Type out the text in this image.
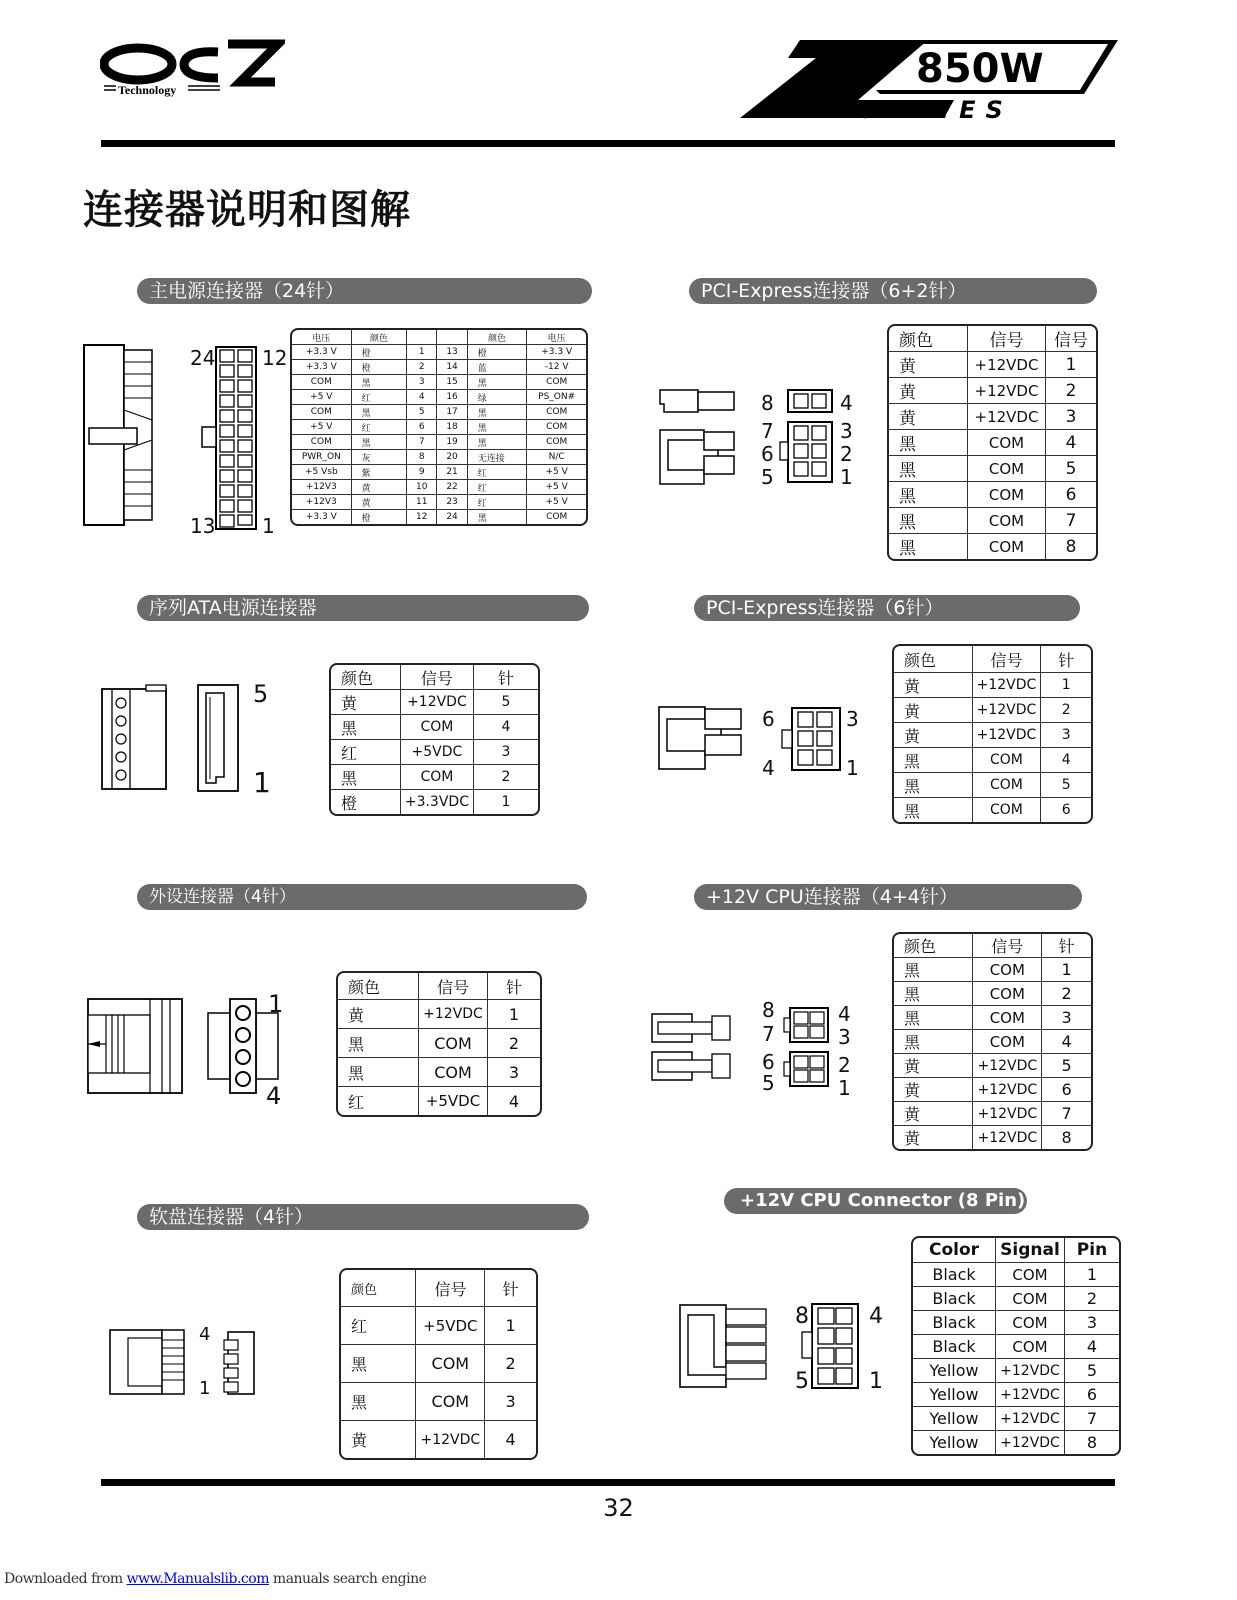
Technology	850W
SERIES
连接器说明和图解
主电源连接器（24针）
24 12
13 1
电压	颜色			颜色	电压
+3.3 V	橙	1	13	橙	+3.3 V
+3.3 V	橙	2	14	蓝	-12 V
COM	黑	3	15	黑	COM
+5 V	红	4	16	绿	PS_ON#
COM	黑	5	17	黑	COM
+5 V	红	6	18	黑	COM
COM	黑	7	19	黑	COM
PWR_ON	灰	8	20	无连接	N/C
+5 Vsb	紫	9	21	红	+5 V
+12V3	黄	10	22	红	+5 V
+12V3	黄	11	23	红	+5 V
+3.3 V	橙	12	24	黑	COM
PCI-Express连接器（6+2针）
8	4
7	3
6	2
5	1
颜色	信号	信号
黄	+12VDC	1
黄	+12VDC	2
黄	+12VDC	3
黑	COM	4
黑	COM	5
黑	COM	6
黑	COM	7
黑	COM	8
序列ATA电源连接器
5
1
颜色	信号	针
黄	+12VDC	5
黑	COM	4
红	+5VDC	3
黑	COM	2
橙	+3.3VDC	1
PCI-Express连接器（6针）
6	3
4	1
颜色	信号	针
黄	+12VDC	1
黄	+12VDC	2
黄	+12VDC	3
黑	COM	4
黑	COM	5
黑	COM	6
外设连接器（4针）
1
4
颜色	信号	针
黄	+12VDC	1
黑	COM	2
黑	COM	3
红	+5VDC	4
+12V CPU连接器（4+4针）
8	4
7	3
6	2
5	1
颜色	信号	针
黑	COM	1
黑	COM	2
黑	COM	3
黑	COM	4
黄	+12VDC	5
黄	+12VDC	6
黄	+12VDC	7
黄	+12VDC	8
软盘连接器（4针）
4
1
颜色	信号	针
红	+5VDC	1
黑	COM	2
黑	COM	3
黄	+12VDC	4
+12V CPU Connector (8 Pin)
8	4
5	1
Color	Signal	Pin
Black	COM	1
Black	COM	2
Black	COM	3
Black	COM	4
Yellow	+12VDC	5
Yellow	+12VDC	6
Yellow	+12VDC	7
Yellow	+12VDC	8
32
Downloaded from www.Manualslib.com manuals search engine
